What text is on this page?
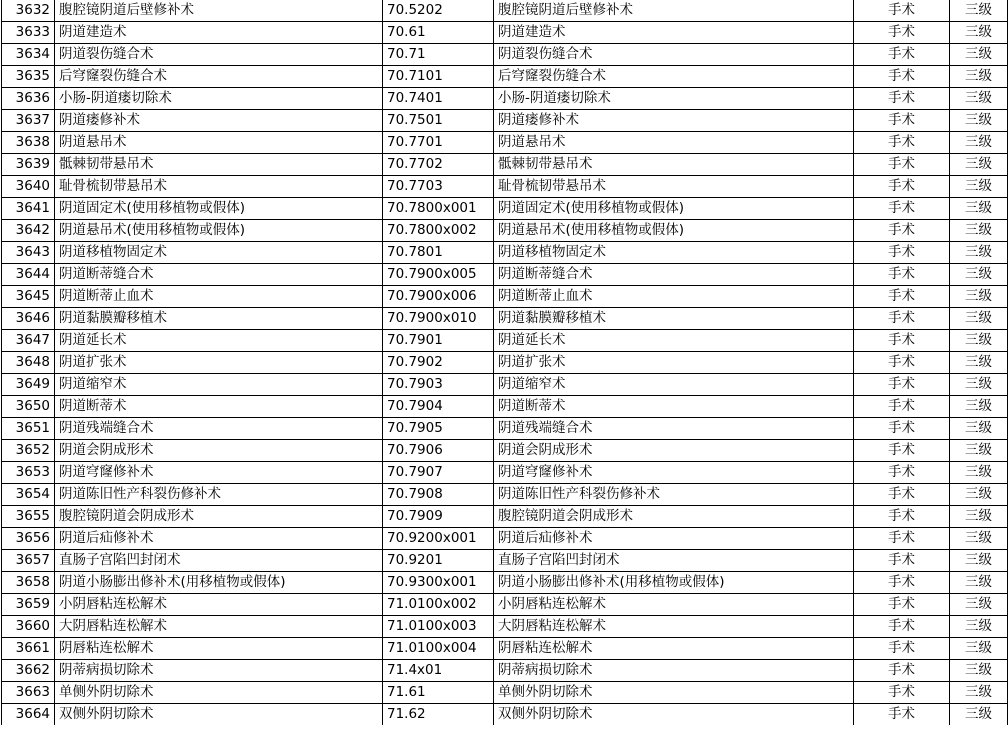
3632	腹腔镜阴道后壁修补术	70.5202	腹腔镜阴道后壁修补术	手术	三级
3633	阴道建造术	70.61	阴道建造术	手术	三级
3634	阴道裂伤缝合术	70.71	阴道裂伤缝合术	手术	三级
3635	后穹窿裂伤缝合术	70.7101	后穹窿裂伤缝合术	手术	三级
3636	小肠-阴道瘘切除术	70.7401	小肠-阴道瘘切除术	手术	三级
3637	阴道瘘修补术	70.7501	阴道瘘修补术	手术	三级
3638	阴道悬吊术	70.7701	阴道悬吊术	手术	三级
3639	骶棘韧带悬吊术	70.7702	骶棘韧带悬吊术	手术	三级
3640	耻骨梳韧带悬吊术	70.7703	耻骨梳韧带悬吊术	手术	三级
3641	阴道固定术(使用移植物或假体)	70.7800x001	阴道固定术(使用移植物或假体)	手术	三级
3642	阴道悬吊术(使用移植物或假体)	70.7800x002	阴道悬吊术(使用移植物或假体)	手术	三级
3643	阴道移植物固定术	70.7801	阴道移植物固定术	手术	三级
3644	阴道断蒂缝合术	70.7900x005	阴道断蒂缝合术	手术	三级
3645	阴道断蒂止血术	70.7900x006	阴道断蒂止血术	手术	三级
3646	阴道黏膜瓣移植术	70.7900x010	阴道黏膜瓣移植术	手术	三级
3647	阴道延长术	70.7901	阴道延长术	手术	三级
3648	阴道扩张术	70.7902	阴道扩张术	手术	三级
3649	阴道缩窄术	70.7903	阴道缩窄术	手术	三级
3650	阴道断蒂术	70.7904	阴道断蒂术	手术	三级
3651	阴道残端缝合术	70.7905	阴道残端缝合术	手术	三级
3652	阴道会阴成形术	70.7906	阴道会阴成形术	手术	三级
3653	阴道穹窿修补术	70.7907	阴道穹窿修补术	手术	三级
3654	阴道陈旧性产科裂伤修补术	70.7908	阴道陈旧性产科裂伤修补术	手术	三级
3655	腹腔镜阴道会阴成形术	70.7909	腹腔镜阴道会阴成形术	手术	三级
3656	阴道后疝修补术	70.9200x001	阴道后疝修补术	手术	三级
3657	直肠子宫陷凹封闭术	70.9201	直肠子宫陷凹封闭术	手术	三级
3658	阴道小肠膨出修补术(用移植物或假体)	70.9300x001	阴道小肠膨出修补术(用移植物或假体)	手术	三级
3659	小阴唇粘连松解术	71.0100x002	小阴唇粘连松解术	手术	三级
3660	大阴唇粘连松解术	71.0100x003	大阴唇粘连松解术	手术	三级
3661	阴唇粘连松解术	71.0100x004	阴唇粘连松解术	手术	三级
3662	阴蒂病损切除术	71.4x01	阴蒂病损切除术	手术	三级
3663	单侧外阴切除术	71.61	单侧外阴切除术	手术	三级
3664	双侧外阴切除术	71.62	双侧外阴切除术	手术	三级
